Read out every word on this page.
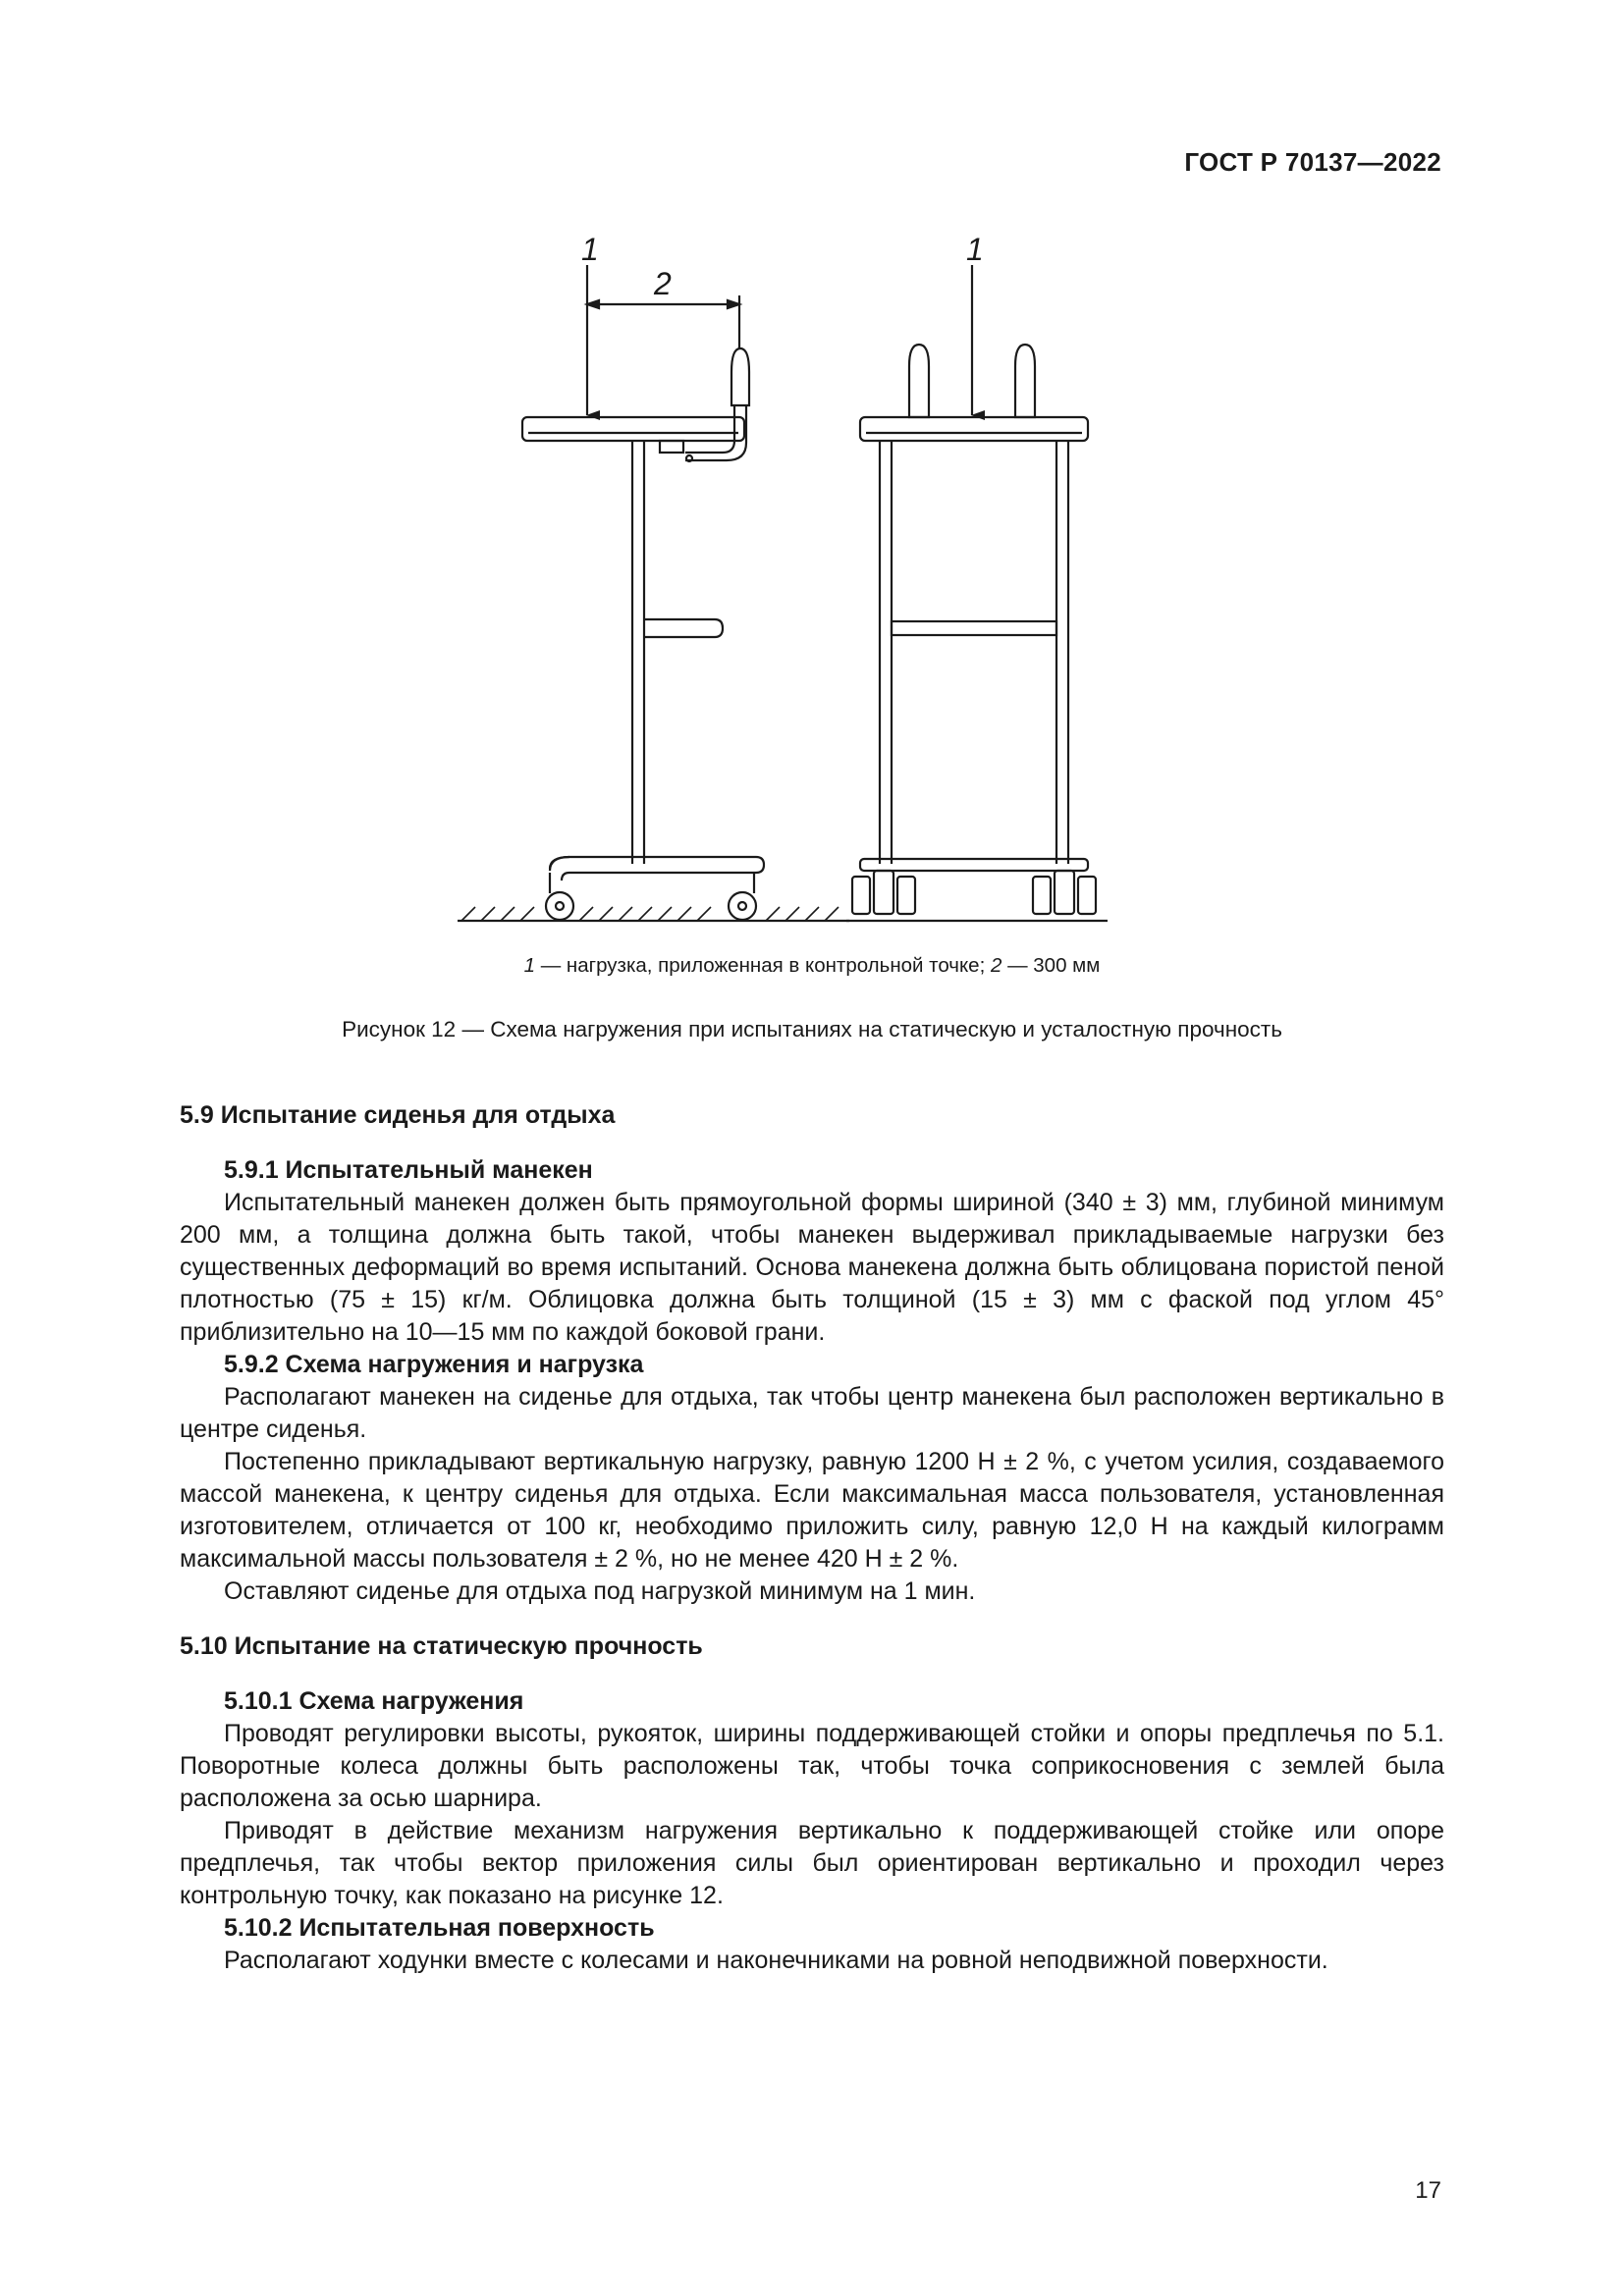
ГОСТ Р 70137—2022
1
2
1
1 — нагрузка, приложенная в контрольной точке; 2 — 300 мм
Рисунок 12 — Схема нагружения при испытаниях на статическую и усталостную прочность
5.9 Испытание сиденья для отдыха
5.9.1 Испытательный манекен

Испытательный манекен должен быть прямоугольной формы шириной (340 ± 3) мм, глубиной минимум 200 мм, а толщина должна быть такой, чтобы манекен выдерживал прикладываемые нагрузки без существенных деформаций во время испытаний. Основа манекена должна быть облицована пористой пеной плотностью (75 ± 15) кг/м. Облицовка должна быть толщиной (15 ± 3) мм с фаской под углом 45° приблизительно на 10—15 мм по каждой боковой грани.

5.9.2 Схема нагружения и нагрузка

Располагают манекен на сиденье для отдыха, так чтобы центр манекена был расположен вертикально в центре сиденья.

Постепенно прикладывают вертикальную нагрузку, равную 1200 Н ± 2 %, с учетом усилия, создаваемого массой манекена, к центру сиденья для отдыха. Если максимальная масса пользователя, установленная изготовителем, отличается от 100 кг, необходимо приложить силу, равную 12,0 Н на каждый килограмм максимальной массы пользователя ± 2 %, но не менее 420 Н ± 2 %.

Оставляют сиденье для отдыха под нагрузкой минимум на 1 мин.

5.10 Испытание на статическую прочность
5.10.1 Схема нагружения

Проводят регулировки высоты, рукояток, ширины поддерживающей стойки и опоры предплечья по 5.1. Поворотные колеса должны быть расположены так, чтобы точка соприкосновения с землей была расположена за осью шарнира.

Приводят в действие механизм нагружения вертикально к поддерживающей стойке или опоре предплечья, так чтобы вектор приложения силы был ориентирован вертикально и проходил через контрольную точку, как показано на рисунке 12.

5.10.2 Испытательная поверхность

Располагают ходунки вместе с колесами и наконечниками на ровной неподвижной поверхности.

17
